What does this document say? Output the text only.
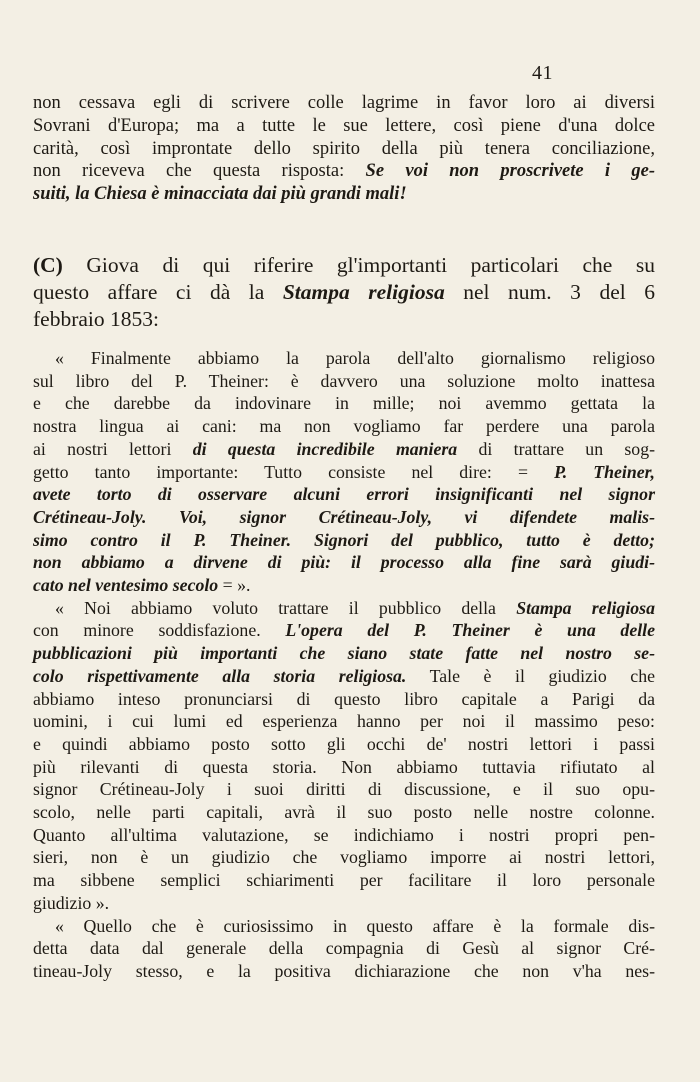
41
non cessava egli di scrivere colle lagrime in favor loro ai diversi
Sovrani d'Europa; ma a tutte le sue lettere, così piene d'una dolce
carità, così improntate dello spirito della più tenera conciliazione,
non riceveva che questa risposta: Se voi non proscrivete i ge-
suiti, la Chiesa è minacciata dai più grandi mali!
(C) Giova di qui riferire gl'importanti particolari che su
questo affare ci dà la Stampa religiosa nel num. 3 del 6
febbraio 1853:
« Finalmente abbiamo la parola dell'alto giornalismo religioso
sul libro del P. Theiner: è davvero una soluzione molto inattesa
e che darebbe da indovinare in mille; noi avemmo gettata la
nostra lingua ai cani: ma non vogliamo far perdere una parola
ai nostri lettori di questa incredibile maniera di trattare un sog-
getto tanto importante: Tutto consiste nel dire: = P. Theiner,
avete torto di osservare alcuni errori insignificanti nel signor
Crétineau-Joly. Voi, signor Crétineau-Joly, vi difendete malis-
simo contro il P. Theiner. Signori del pubblico, tutto è detto;
non abbiamo a dirvene di più: il processo alla fine sarà giudi-
cato nel ventesimo secolo = ».
« Noi abbiamo voluto trattare il pubblico della Stampa religiosa
con minore soddisfazione. L'opera del P. Theiner è una delle
pubblicazioni più importanti che siano state fatte nel nostro se-
colo rispettivamente alla storia religiosa. Tale è il giudizio che
abbiamo inteso pronunciarsi di questo libro capitale a Parigi da
uomini, i cui lumi ed esperienza hanno per noi il massimo peso:
e quindi abbiamo posto sotto gli occhi de' nostri lettori i passi
più rilevanti di questa storia. Non abbiamo tuttavia rifiutato al
signor Crétineau-Joly i suoi diritti di discussione, e il suo opu-
scolo, nelle parti capitali, avrà il suo posto nelle nostre colonne.
Quanto all'ultima valutazione, se indichiamo i nostri propri pen-
sieri, non è un giudizio che vogliamo imporre ai nostri lettori,
ma sibbene semplici schiarimenti per facilitare il loro personale
giudizio ».
« Quello che è curiosissimo in questo affare è la formale dis-
detta data dal generale della compagnia di Gesù al signor Cré-
tineau-Joly stesso, e la positiva dichiarazione che non v'ha nes-
